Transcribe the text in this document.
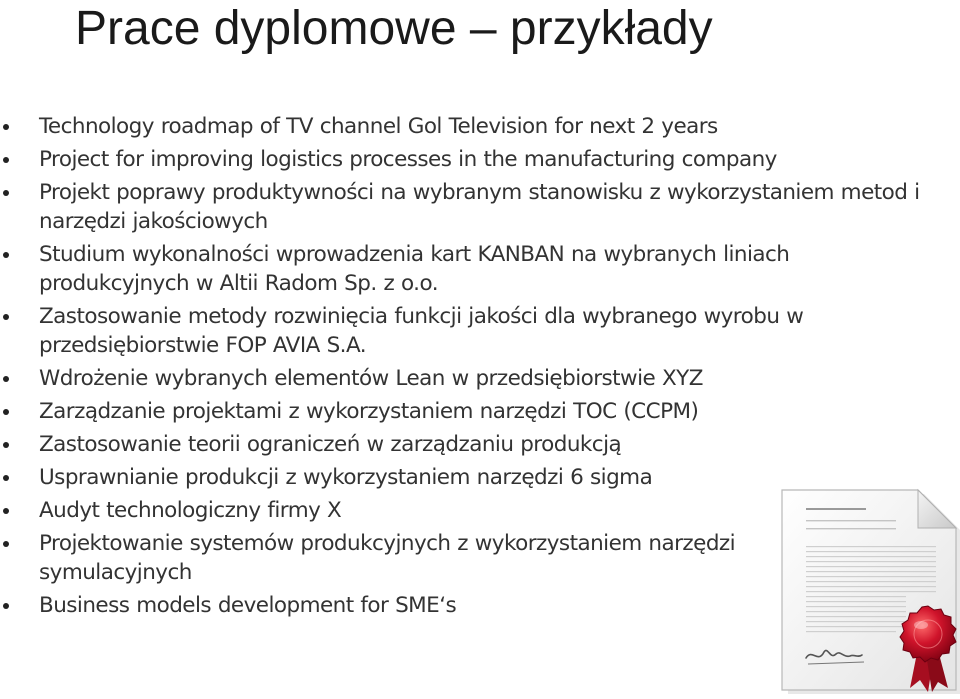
Prace dyplomowe – przykłady
Technology roadmap of TV channel Gol Television for next 2 years
Project for improving logistics processes in the manufacturing company
Projekt poprawy produktywności na wybranym stanowisku z wykorzystaniem metod i narzędzi jakościowych
Studium wykonalności wprowadzenia kart KANBAN na wybranych liniach produkcyjnych w Altii Radom Sp. z o.o.
Zastosowanie metody rozwinięcia funkcji jakości dla wybranego wyrobu w przedsiębiorstwie FOP AVIA S.A.
Wdrożenie wybranych elementów Lean w przedsiębiorstwie XYZ
Zarządzanie projektami z wykorzystaniem narzędzi TOC (CCPM)
Zastosowanie teorii ograniczeń w zarządzaniu produkcją
Usprawnianie produkcji z wykorzystaniem narzędzi 6 sigma
Audyt technologiczny firmy X
Projektowanie systemów produkcyjnych z wykorzystaniem narzędzi symulacyjnych
Business models development for SME‘s
